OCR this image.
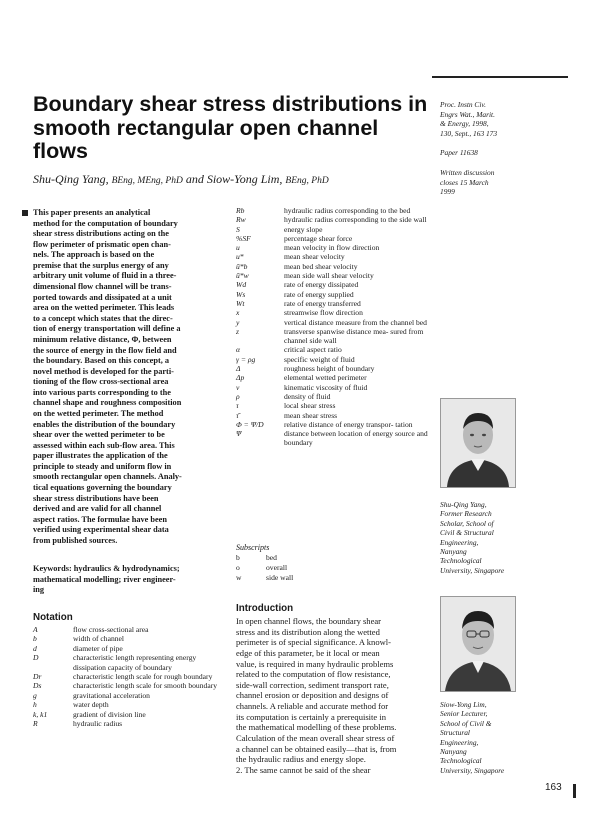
Proc. Instn Civ.
Engrs Wat., Marit.
& Energy, 1998,
130, Sept., 163 173
Paper 11638
Written discussion
closes 15 March
1999
Boundary shear stress distributions in smooth rectangular open channel flows
Shu-Qing Yang, BEng, MEng, PhD and Siow-Yong Lim, BEng, PhD
This paper presents an analytical
method for the computation of boundary
shear stress distributions acting on the
flow perimeter of prismatic open chan-
nels. The approach is based on the
premise that the surplus energy of any
arbitrary unit volume of fluid in a three-
dimensional flow channel will be trans-
ported towards and dissipated at a unit
area on the wetted perimeter. This leads
to a concept which states that the direc-
tion of energy transportation will define a
minimum relative distance, Φ, between
the source of energy in the flow field and
the boundary. Based on this concept, a
novel method is developed for the parti-
tioning of the flow cross-sectional area
into various parts corresponding to the
channel shape and roughness composition
on the wetted perimeter. The method
enables the distribution of the boundary
shear over the wetted perimeter to be
assessed within each sub-flow area. This
paper illustrates the application of the
principle to steady and uniform flow in
smooth rectangular open channels. Analy-
tical equations governing the boundary
shear stress distributions have been
derived and are valid for all channel
aspect ratios. The formulae have been
verified using experimental shear data
from published sources.
Keywords: hydraulics & hydrodynamics;
mathematical modelling; river engineer-
ing
Notation
A	flow cross-sectional area
b	width of channel
d	diameter of pipe
D	characteristic length representing energy dissipation capacity of boundary
Dr	characteristic length scale for rough boundary
Ds	characteristic length scale for smooth boundary
g	gravitational acceleration
h	water depth
k, k1	gradient of division line
R	hydraulic radius
Rb	hydraulic radius corresponding to the bed
Rw	hydraulic radius corresponding to the side wall
S	energy slope
%SF	percentage shear force
u	mean velocity in flow direction
u*	mean shear velocity
ū*b	mean bed shear velocity
ū*w	mean side wall shear velocity
Wd	rate of energy dissipated
Ws	rate of energy supplied
Wt	rate of energy transferred
x	streamwise flow direction
y	vertical distance measure from the channel bed
z	transverse spanwise distance mea- sured from channel side wall
α	critical aspect ratio
γ = ρg	specific weight of fluid
Δ	roughness height of boundary
Δp	elemental wetted perimeter
ν	kinematic viscosity of fluid
ρ	density of fluid
τ	local shear stress
τ̄	mean shear stress
Φ = Ψ/D	relative distance of energy transpor- tation
Ψ	distance between location of energy source and boundary
Subscripts
b	bed
o	overall
w	side wall
Introduction
In open channel flows, the boundary shear
stress and its distribution along the wetted
perimeter is of special significance. A knowl-
edge of this parameter, be it local or mean
value, is required in many hydraulic problems
related to the computation of flow resistance,
side-wall correction, sediment transport rate,
channel erosion or deposition and designs of
channels. A reliable and accurate method for
its computation is certainly a prerequisite in
the mathematical modelling of these problems.
Calculation of the mean overall shear stress of
a channel can be obtained easily—that is, from
the hydraulic radius and energy slope.
2. The same cannot be said of the shear
Shu-Qing Yang,
Former Research
Scholar, School of
Civil & Structural
Engineering,
Nanyang
Technological
University, Singapore
Siow-Yong Lim,
Senior Lecturer,
School of Civil &
Structural
Engineering,
Nanyang
Technological
University, Singapore
163
